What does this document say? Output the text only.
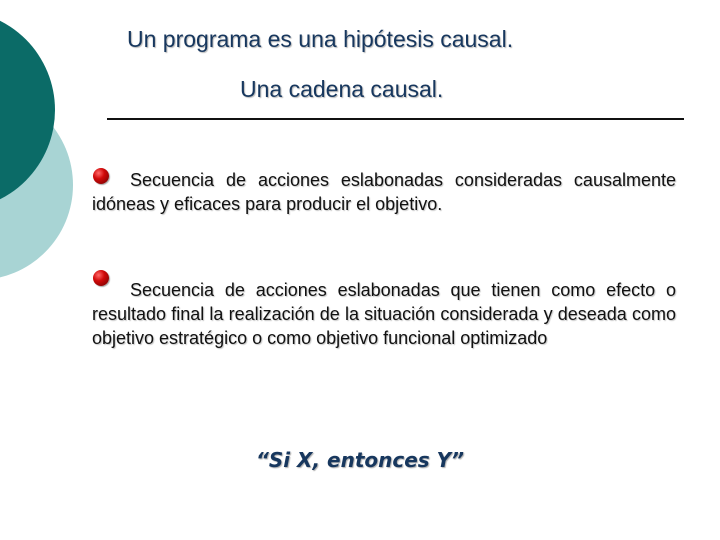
Un programa es una hipótesis causal.
Una cadena causal.

Secuencia de acciones eslabonadas consideradas causalmente idóneas y eficaces para producir el objetivo.

Secuencia de acciones eslabonadas que tienen como efecto o resultado final la realización de la situación considerada y deseada como objetivo estratégico o como objetivo funcional optimizado

“Si X, entonces Y”
